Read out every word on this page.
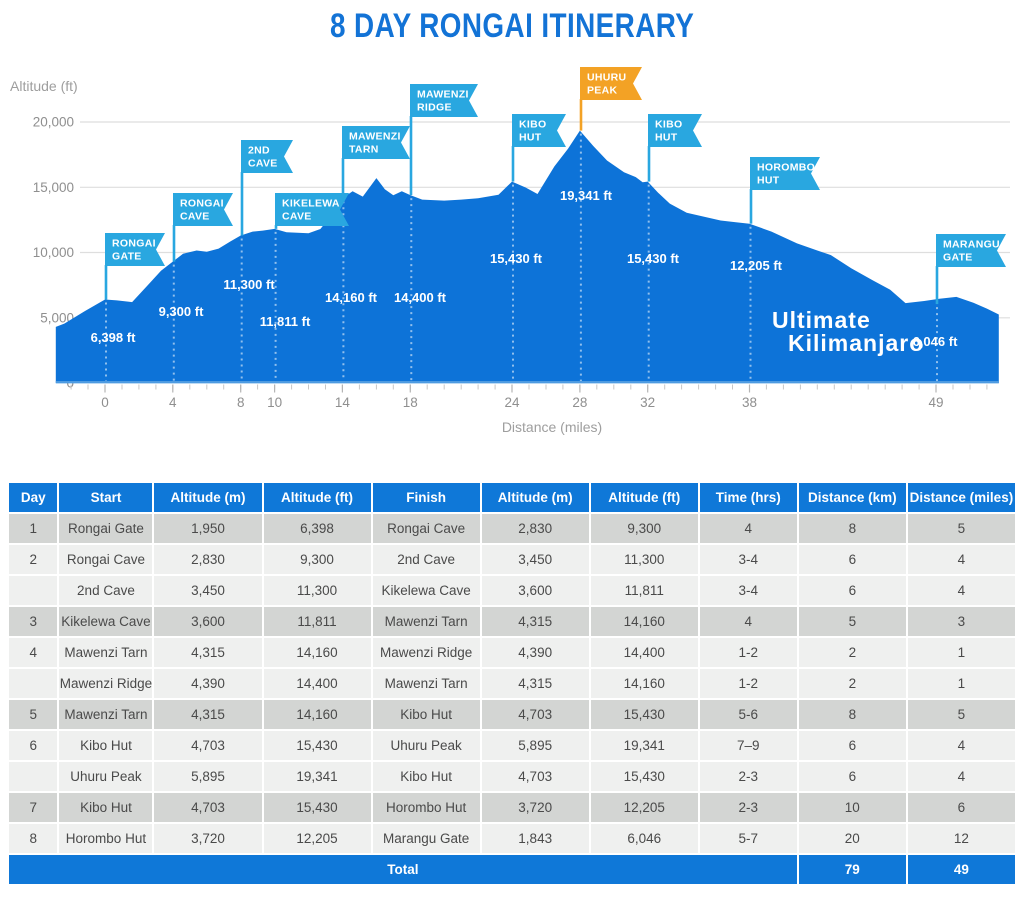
8 DAY RONGAI ITINERARY
Altitude (ft)
5,000
10,000
15,000
20,000
0	4	8 10	14	18	24	28	32	38	49
Ultimate
Kilimanjaro
6,398 ft
9,300 ft
11,300 ft
11,811 ft
14,160 ft 14,400 ft
15,430 ft
19,341 ft
15,430 ft	12,205 ft
6,046 ft
RONGAI
GATE
RONGAI
CAVE
2ND
CAVE
KIKELEWA
CAVE
MAWENZI
TARN
MAWENZI
RIDGE
KIBO
HUT
UHURU
PEAK
KIBO
HUT
HOROMBO
HUT
MARANGU
GATE
Distance (miles)
Day	Start	Altitude (m)	Altitude (ft)	Finish	Altitude (m)	Altitude (ft)	Time (hrs)	Distance (km)	Distance (miles)
1	Rongai Gate	1,950	6,398	Rongai Cave	2,830	9,300	4	8	5
2	Rongai Cave	2,830	9,300	2nd Cave	3,450	11,300	3-4	6	4
	2nd Cave	3,450	11,300	Kikelewa Cave	3,600	11,811	3-4	6	4
3	Kikelewa Cave	3,600	11,811	Mawenzi Tarn	4,315	14,160	4	5	3
4	Mawenzi Tarn	4,315	14,160	Mawenzi Ridge	4,390	14,400	1-2	2	1
	Mawenzi Ridge	4,390	14,400	Mawenzi Tarn	4,315	14,160	1-2	2	1
5	Mawenzi Tarn	4,315	14,160	Kibo Hut	4,703	15,430	5-6	8	5
6	Kibo Hut	4,703	15,430	Uhuru Peak	5,895	19,341	7–9	6	4
	Uhuru Peak	5,895	19,341	Kibo Hut	4,703	15,430	2-3	6	4
7	Kibo Hut	4,703	15,430	Horombo Hut	3,720	12,205	2-3	10	6
8	Horombo Hut	3,720	12,205	Marangu Gate	1,843	6,046	5-7	20	12
Total								79	49
